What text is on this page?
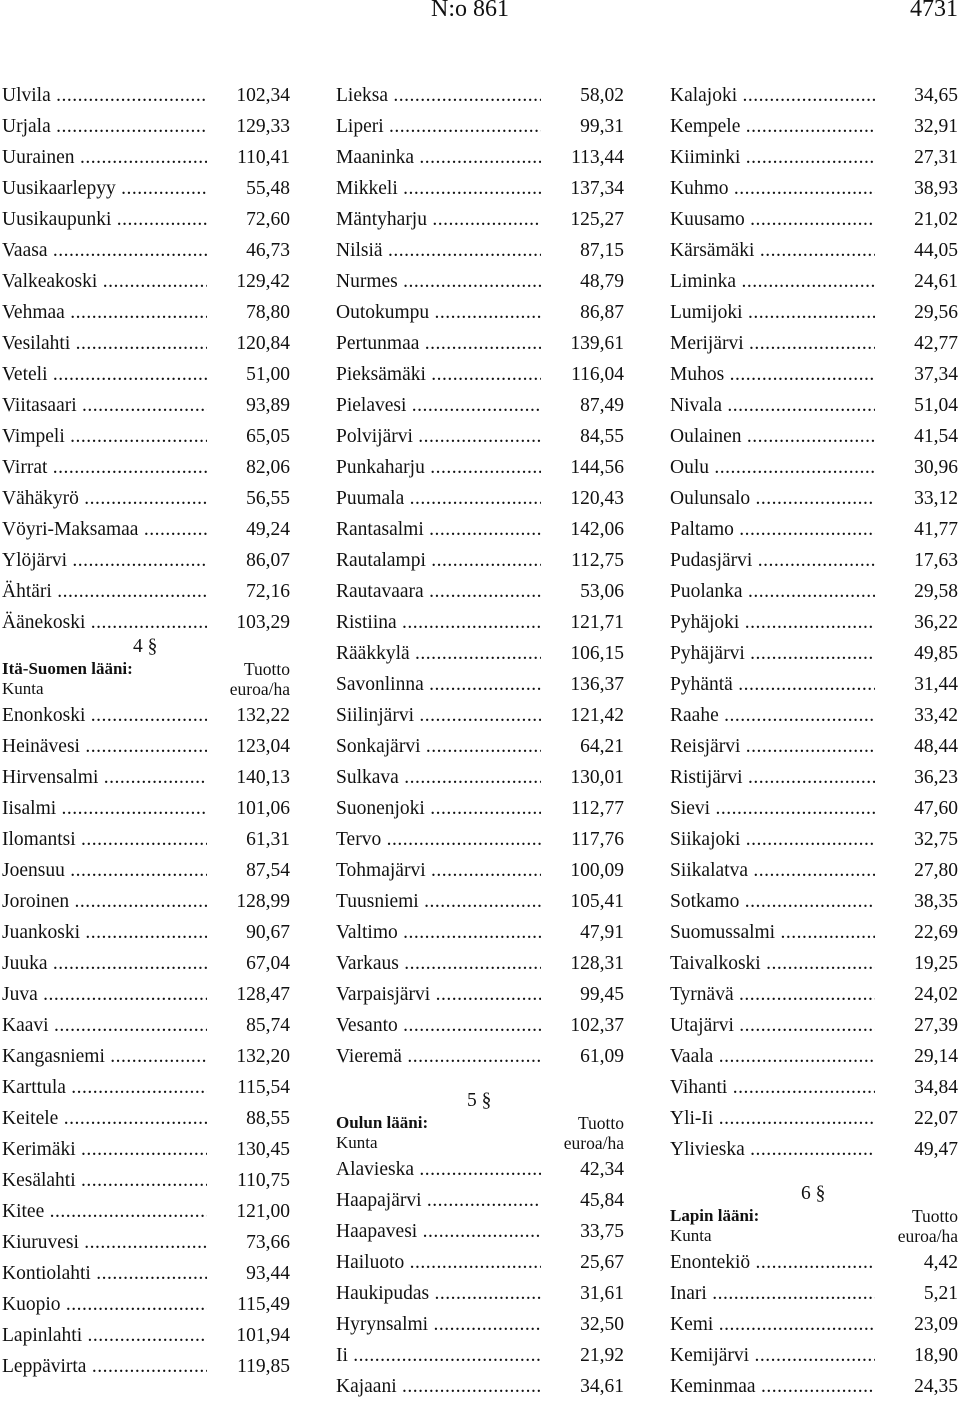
N:o 861	4731
Ulvila .....	102,34
Urjala .....	129,33
Uurainen .....	110,41
Uusikaarlepyy .....	55,48
Uusikaupunki .....	72,60
Vaasa .....	46,73
Valkeakoski .....	129,42
Vehmaa .....	78,80
Vesilahti .....	120,84
Veteli .....	51,00
Viitasaari .....	93,89
Vimpeli .....	65,05
Virrat .....	82,06
Vähäkyrö .....	56,55
Vöyri-Maksamaa .....	49,24
Ylöjärvi .....	86,07
Ähtäri .....	72,16
Äänekoski .....	103,29
4 §
Itä-Suomen lääni:
Kunta
Tuotto
euroa/ha
Enonkoski .....	132,22
Heinävesi .....	123,04
Hirvensalmi .....	140,13
Iisalmi .....	101,06
Ilomantsi .....	61,31
Joensuu .....	87,54
Joroinen .....	128,99
Juankoski .....	90,67
Juuka .....	67,04
Juva .....	128,47
Kaavi .....	85,74
Kangasniemi .....	132,20
Karttula .....	115,54
Keitele .....	88,55
Kerimäki .....	130,45
Kesälahti .....	110,75
Kitee .....	121,00
Kiuruvesi .....	73,66
Kontiolahti .....	93,44
Kuopio .....	115,49
Lapinlahti .....	101,94
Leppävirta .....	119,85
Lieksa .....	58,02
Liperi .....	99,31
Maaninka .....	113,44
Mikkeli .....	137,34
Mäntyharju .....	125,27
Nilsiä .....	87,15
Nurmes .....	48,79
Outokumpu .....	86,87
Pertunmaa .....	139,61
Pieksämäki .....	116,04
Pielavesi .....	87,49
Polvijärvi .....	84,55
Punkaharju .....	144,56
Puumala .....	120,43
Rantasalmi .....	142,06
Rautalampi .....	112,75
Rautavaara .....	53,06
Ristiina .....	121,71
Rääkkylä .....	106,15
Savonlinna .....	136,37
Siilinjärvi .....	121,42
Sonkajärvi .....	64,21
Sulkava .....	130,01
Suonenjoki .....	112,77
Tervo .....	117,76
Tohmajärvi .....	100,09
Tuusniemi .....	105,41
Valtimo .....	47,91
Varkaus .....	128,31
Varpaisjärvi .....	99,45
Vesanto .....	102,37
Vieremä .....	61,09
5 §
Oulun lääni:
Kunta
Tuotto
euroa/ha
Alavieska .....	42,34
Haapajärvi .....	45,84
Haapavesi .....	33,75
Hailuoto .....	25,67
Haukipudas .....	31,61
Hyrynsalmi .....	32,50
Ii .....	21,92
Kajaani .....	34,61
Kalajoki .....	34,65
Kempele .....	32,91
Kiiminki .....	27,31
Kuhmo .....	38,93
Kuusamo .....	21,02
Kärsämäki .....	44,05
Liminka .....	24,61
Lumijoki .....	29,56
Merijärvi .....	42,77
Muhos .....	37,34
Nivala .....	51,04
Oulainen .....	41,54
Oulu .....	30,96
Oulunsalo .....	33,12
Paltamo .....	41,77
Pudasjärvi .....	17,63
Puolanka .....	29,58
Pyhäjoki .....	36,22
Pyhäjärvi .....	49,85
Pyhäntä .....	31,44
Raahe .....	33,42
Reisjärvi .....	48,44
Ristijärvi .....	36,23
Sievi .....	47,60
Siikajoki .....	32,75
Siikalatva .....	27,80
Sotkamo .....	38,35
Suomussalmi .....	22,69
Taivalkoski .....	19,25
Tyrnävä .....	24,02
Utajärvi .....	27,39
Vaala .....	29,14
Vihanti .....	34,84
Yli-Ii .....	22,07
Ylivieska .....	49,47
6 §
Lapin lääni:
Kunta
Tuotto
euroa/ha
Enontekiö .....	4,42
Inari .....	5,21
Kemi .....	23,09
Kemijärvi .....	18,90
Keminmaa .....	24,35
